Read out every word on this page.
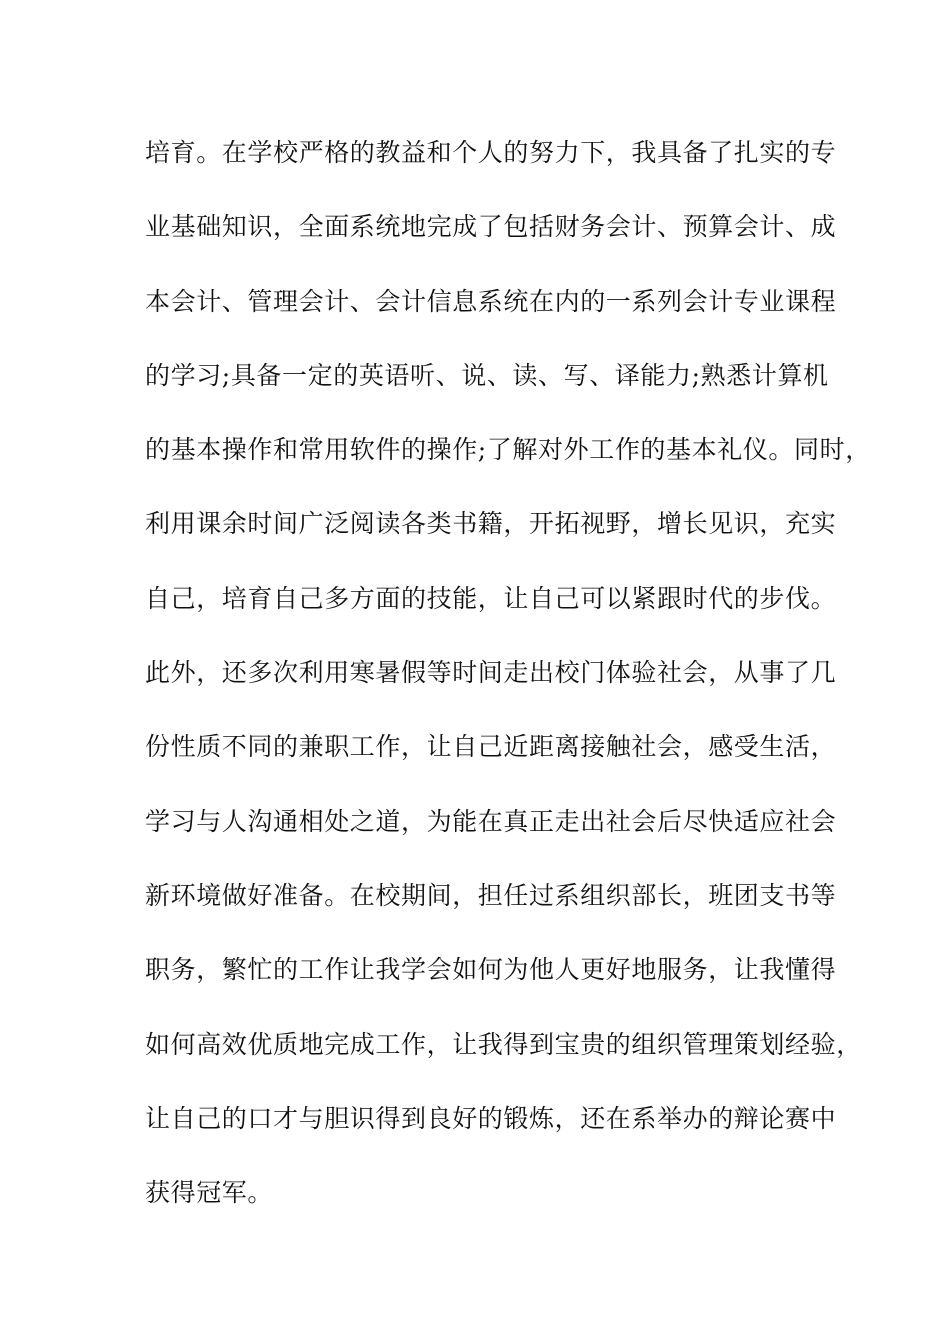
培育。在学校严格的教益和个人的努力下，我具备了扎实的专
业基础知识，全面系统地完成了包括财务会计、预算会计、成
本会计、管理会计、会计信息系统在内的一系列会计专业课程
的学习;具备一定的英语听、说、读、写、译能力;熟悉计算机
的基本操作和常用软件的操作;了解对外工作的基本礼仪。同时，
利用课余时间广泛阅读各类书籍，开拓视野，增长见识，充实
自己，培育自己多方面的技能，让自己可以紧跟时代的步伐。
此外，还多次利用寒暑假等时间走出校门体验社会，从事了几
份性质不同的兼职工作，让自己近距离接触社会，感受生活，
学习与人沟通相处之道，为能在真正走出社会后尽快适应社会
新环境做好准备。在校期间，担任过系组织部长，班团支书等
职务，繁忙的工作让我学会如何为他人更好地服务，让我懂得
如何高效优质地完成工作，让我得到宝贵的组织管理策划经验，
让自己的口才与胆识得到良好的锻炼，还在系举办的辩论赛中
获得冠军。
